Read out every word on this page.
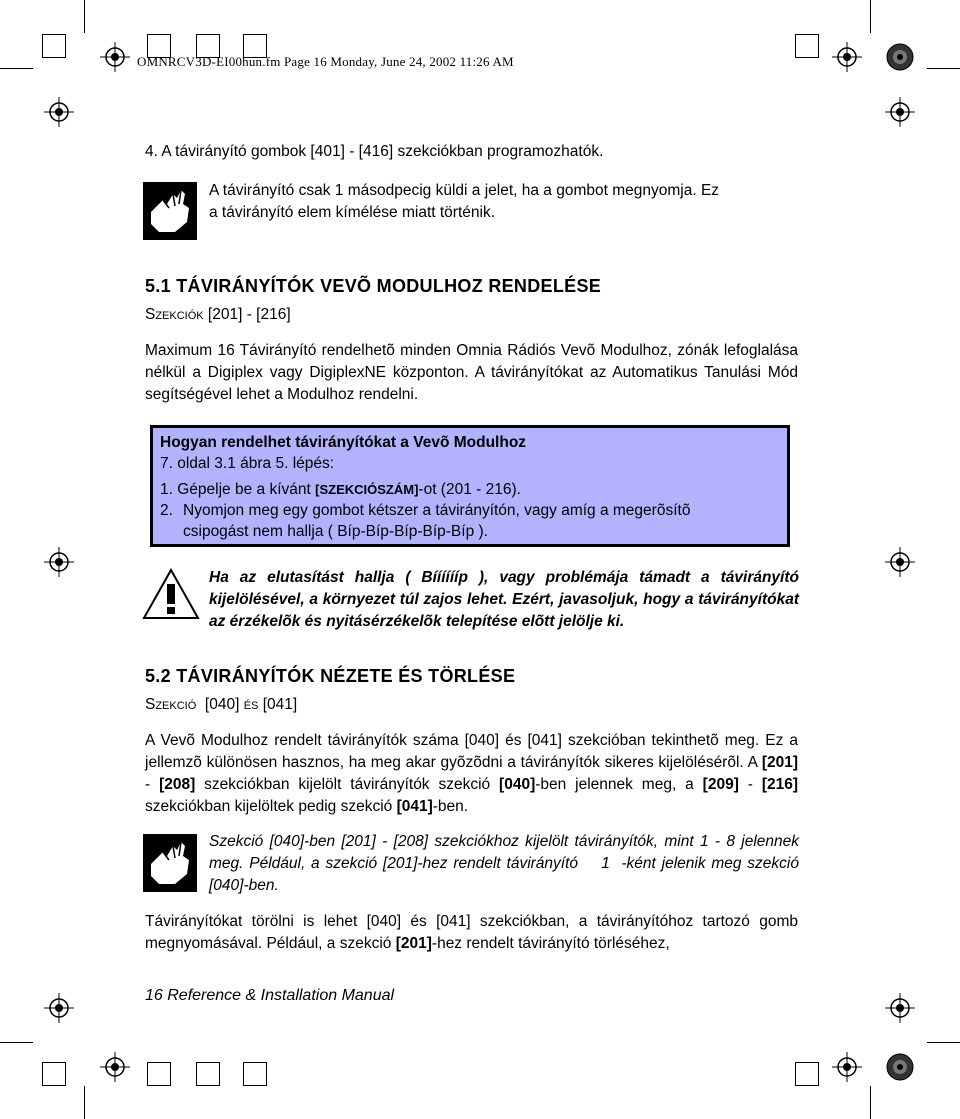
OMNRCV3D-EI00hun.fm Page 16 Monday, June 24, 2002 11:26 AM
4. A távirányító gombok [401] - [416] szekciókban programozhatók.
A távirányító csak 1 másodpecig küldi a jelet, ha a gombot megnyomja. Ez
a távirányító elem kímélése miatt történik.
5.1 TÁVIRÁNYÍTÓK VEVÕ MODULHOZ RENDELÉSE
Szekciók [201] - [216]
Maximum 16 Távirányító rendelhetõ minden Omnia Rádiós Vevõ Modulhoz, zónák lefoglalása nélkül a Digiplex vagy DigiplexNE központon. A távirányítókat az Automatikus Tanulási Mód segítségével lehet a Modulhoz rendelni.
Hogyan rendelhet távirányítókat a Vevõ Modulhoz
7. oldal 3.1 ábra 5. lépés:
1. Gépelje be a kívánt [SZEKCIÓSZÁM]-ot (201 - 216).
2. Nyomjon meg egy gombot kétszer a távirányítón, vagy amíg a megerõsítõ
csipogást nem hallja ( Bíp-Bíp-Bíp-Bíp-Bíp ).
Ha az elutasítást hallja ( Bííííííp ), vagy problémája támadt a távirányító kijelölésével, a környezet túl zajos lehet. Ezért, javasoljuk, hogy a távirányítókat az érzékelõk és nyitásérzékelõk telepítése elõtt jelölje ki.
5.2 TÁVIRÁNYÍTÓK NÉZETE ÉS TÖRLÉSE
Szekció  [040] és [041]
A Vevõ Modulhoz rendelt távirányítók száma [040] és [041] szekcióban tekinthetõ meg. Ez a jellemzõ különösen hasznos, ha meg akar gyõzõdni a távirányítók sikeres kijelölésérõl. A [201] - [208] szekciókban kijelölt távirányítók szekció [040]-ben jelennek meg, a [209] - [216] szekciókban kijelöltek pedig szekció [041]-ben.
Szekció [040]-ben [201] - [208] szekciókhoz kijelölt távirányítók, mint 1 - 8 jelennek meg. Például, a szekció [201]-hez rendelt távirányító    1  -ként jelenik meg szekció [040]-ben.
Távirányítókat törölni is lehet [040] és [041] szekciókban, a távirányítóhoz tartozó gomb megnyomásával. Például, a szekció [201]-hez rendelt távirányító törléséhez,
16 Reference & Installation Manual
